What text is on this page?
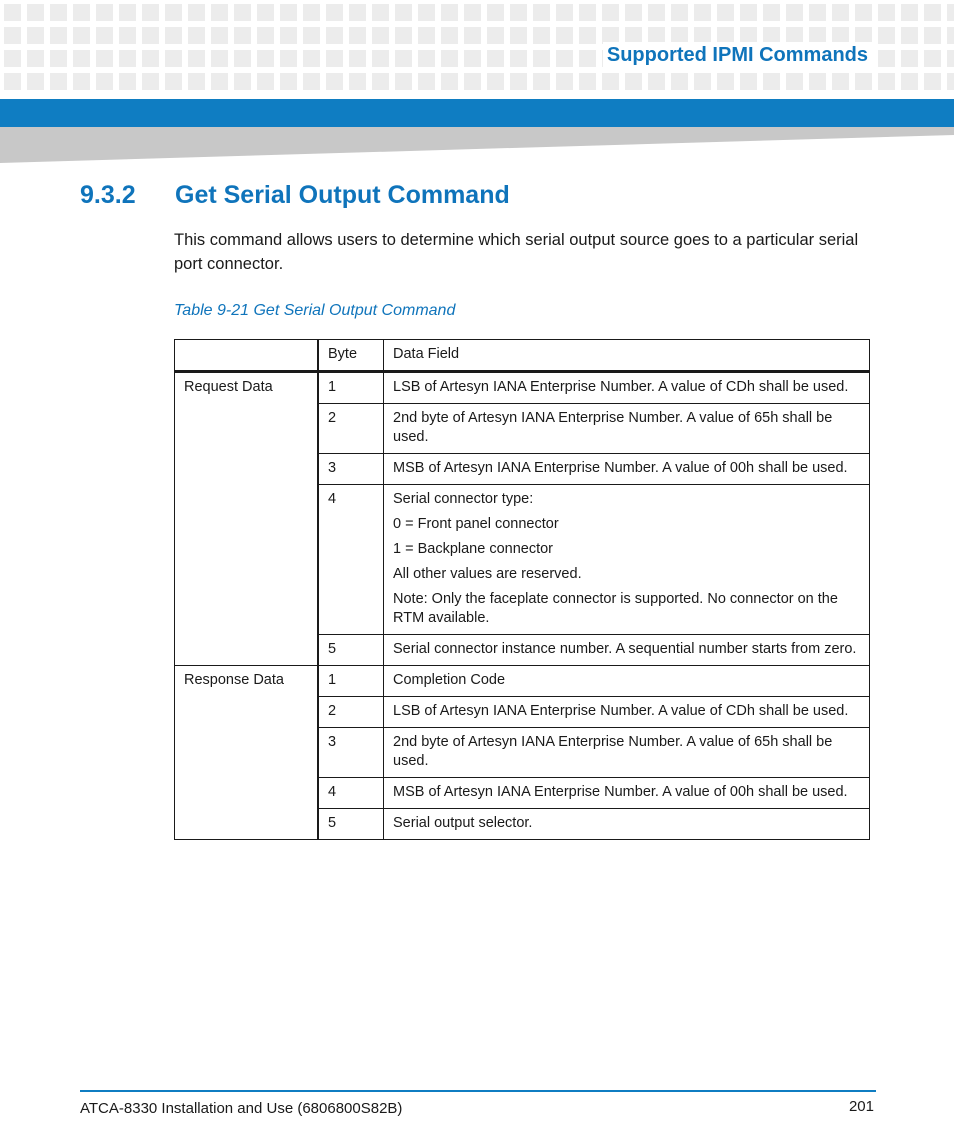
Supported IPMI Commands
9.3.2	Get Serial Output Command
This command allows users to determine which serial output source goes to a particular serial port connector.
Table 9-21 Get Serial Output Command
	Byte	Data Field
Request Data	1	LSB of Artesyn IANA Enterprise Number. A value of CDh shall be used.

	2	2nd byte of Artesyn IANA Enterprise Number. A value of 65h shall be used.

	3	MSB of Artesyn IANA Enterprise Number. A value of 00h shall be used.

	4	Serial connector type:
0 = Front panel connector
1 = Backplane connector
All other values are reserved.
Note: Only the faceplate connector is supported. No connector on the RTM available.

	5	Serial connector instance number. A sequential number starts from zero.

Response Data	1	Completion Code

	2	LSB of Artesyn IANA Enterprise Number. A value of CDh shall be used.

	3	2nd byte of Artesyn IANA Enterprise Number. A value of 65h shall be used.

	4	MSB of Artesyn IANA Enterprise Number. A value of 00h shall be used.

	5	Serial output selector.
ATCA-8330 Installation and Use (6806800S82B)	201
